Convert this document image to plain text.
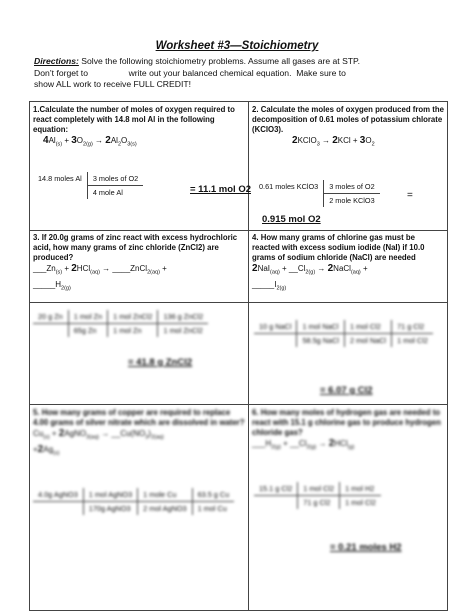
Worksheet #3—Stoichiometry
Directions: Solve the following stoichiometry problems. Assume all gases are at STP.
Don’t forget to                 write out your balanced chemical equation.  Make sure to
show ALL work to receive FULL CREDIT!
1.Calculate the number of moles of oxygen required to react completely with 14.8 mol Al in the following equation:
$4Al_{(s)} + 3O_{2(g)} \to 2Al_2O_{3(s)}$
14.8 moles Al	3 moles of O2
	4 mole Al	= 11.1 mol O2
2. Calculate the moles of oxygen produced from the decomposition of 0.61 moles of potassium chlorate (KClO3).
2KClO$_3$ → $2KCl + 3O_2$
0.61 moles KClO3	3 moles of O2
	2 mole KClO3	=
0.915 mol O2
3. If 20.0g grams of zinc react with excess hydrochloric acid, how many grams of zinc chloride (ZnCl2) are produced?
$\_\_\_Zn_{(s)} + 2HCl_{(aq)}$ → ____ZnCl$_{2(aq)}$ +
$\_\_\_\_\_H_{2(g)}$
4. How many grams of chlorine gas must be reacted with excess sodium iodide (NaI) if 10.0 grams of sodium chloride (NaCl) are needed
$2NaI_{(aq)} + \_\_Cl_{2(g)}$ → 2NaCl$_{(aq)}$ +
$\_\_\_\_\_I_{2(g)}$
20 g Zn	1 mol Zn	1 mol ZnCl2	136 g ZnCl2
	65g Zn	1 mol Zn	1 mol ZnCl2
= 41.8 g ZnCl2
10 g NaCl	1 mol NaCl	1 mol Cl2	71 g Cl2
	58.5g NaCl	2 mol NaCl	1 mol Cl2
= 6.07 g Cl2
5. How many grams of copper are required to replace 4.00 grams of silver nitrate which are dissolved in water?
$Cu_{(s)}$ + 2AgNO$_{3(aq)}$ → $\_\_Cu(NO_3)_{2(aq)}$
$+2Ag_{(s)}$
4.0g AgNO3	1 mol AgNO3	1 mole Cu	63.5 g Cu
	170g AgNO3	2 mol AgNO3	1 mol Cu
6. How many moles of hydrogen gas are needed to react with 15.1 g chlorine gas to produce hydrogen chloride gas?
$\_\_\_H_{2(g)}$ + $\_\_Cl_{2(g)} \to 2HCl_{(g)}$
15.1 g Cl2	1 mol Cl2	1 mol H2
	71 g Cl2	1 mol Cl2
= 0.21 moles H2
